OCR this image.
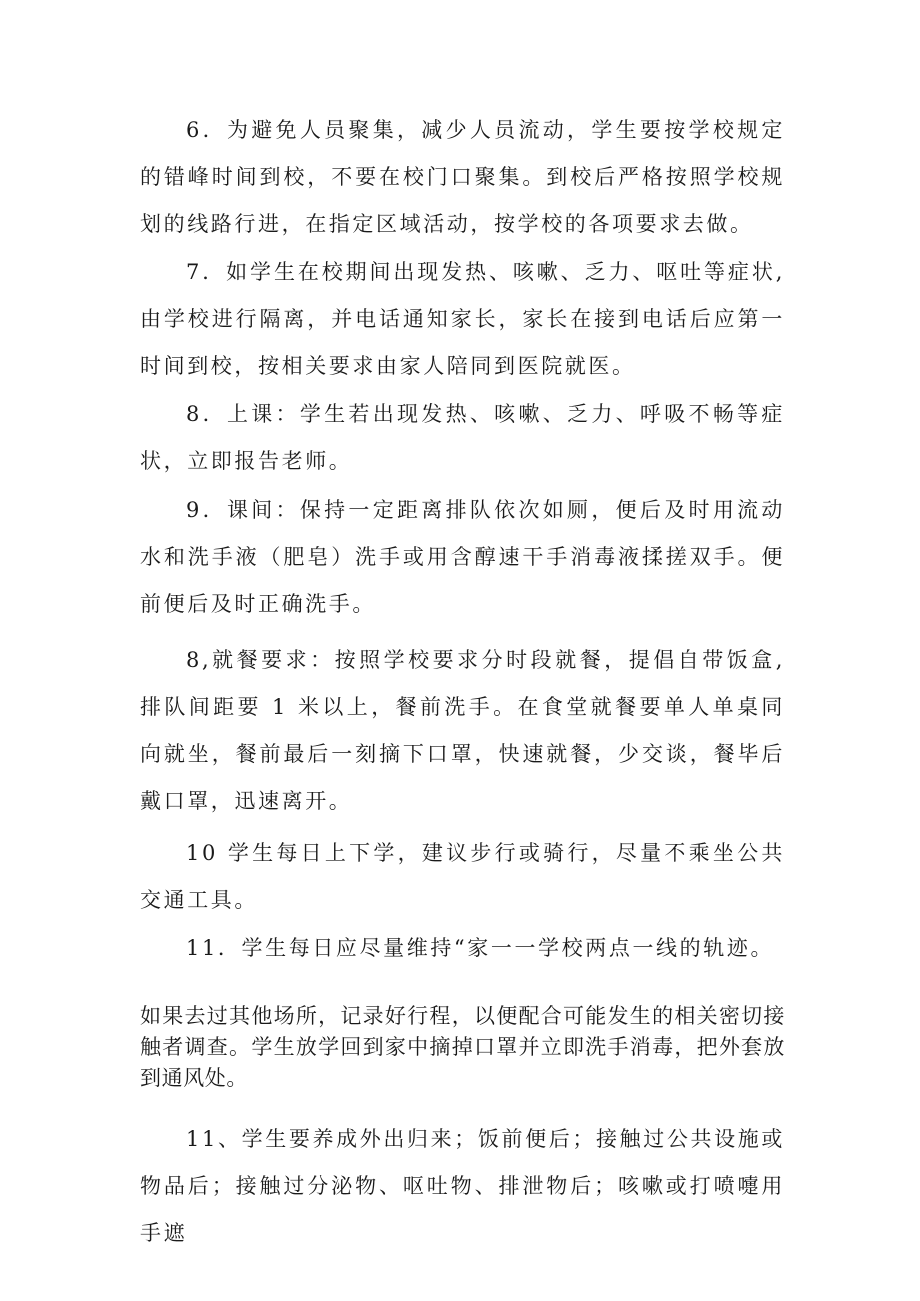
6．为避免人员聚集，减少人员流动，学生要按学校规定的错峰时间到校，不要在校门口聚集。到校后严格按照学校规划的线路行进，在指定区域活动，按学校的各项要求去做。

7．如学生在校期间出现发热、咳嗽、乏力、呕吐等症状,由学校进行隔离，并电话通知家长，家长在接到电话后应第一时间到校，按相关要求由家人陪同到医院就医。

8．上课：学生若出现发热、咳嗽、乏力、呼吸不畅等症状，立即报告老师。

9．课间：保持一定距离排队依次如厕，便后及时用流动水和洗手液（肥皂）洗手或用含醇速干手消毒液揉搓双手。便前便后及时正确洗手。

8,就餐要求：按照学校要求分时段就餐，提倡自带饭盒,排队间距要 1 米以上，餐前洗手。在食堂就餐要单人单桌同向就坐，餐前最后一刻摘下口罩，快速就餐，少交谈，餐毕后戴口罩，迅速离开。

10 学生每日上下学，建议步行或骑行，尽量不乘坐公共交通工具。

11．学生每日应尽量维持“家一一学校两点一线的轨迹。

如果去过其他场所，记录好行程，以便配合可能发生的相关密切接触者调查。学生放学回到家中摘掉口罩并立即洗手消毒，把外套放到通风处。

11、学生要养成外出归来；饭前便后；接触过公共设施或物品后；接触过分泌物、呕吐物、排泄物后；咳嗽或打喷嚏用手遮
